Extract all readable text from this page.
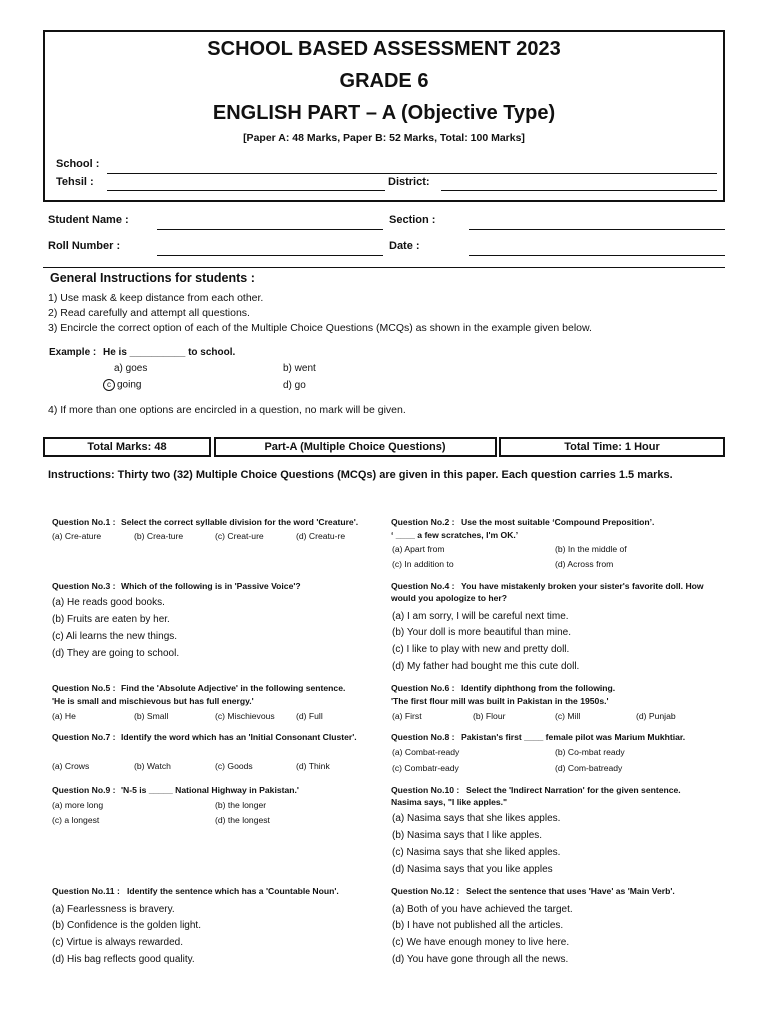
SCHOOL BASED ASSESSMENT 2023
GRADE 6
ENGLISH PART – A (Objective Type)
[Paper A: 48 Marks, Paper B: 52 Marks, Total: 100 Marks]
School :
Tehsil :	District:
Student Name :	Section :
Roll Number :	Date :
General Instructions for students :
1) Use mask & keep distance from each other.
2) Read carefully and attempt all questions.
3) Encircle the correct option of each of the Multiple Choice Questions (MCQs) as shown in the example given below.
Example : He is __________ to school.
a) goes	b) went
c going	d) go
4) If more than one options are encircled in a question, no mark will be given.
Total Marks: 48	Part-A (Multiple Choice Questions)	Total Time: 1 Hour
Instructions: Thirty two (32) Multiple Choice Questions (MCQs) are given in this paper. Each question carries 1.5 marks.
Question No.1 : Select the correct syllable division for the word 'Creature'.
(a) Cre-ature	(b) Crea-ture	(c) Creat-ure	(d) Creatu-re
Question No.2 : Use the most suitable ‘Compound Preposition’.
‘ ____ a few scratches, I'm OK.’
(a) Apart from	(b) In the middle of
(c) In addition to	(d) Across from
Question No.3 : Which of the following is in 'Passive Voice'?
(a) He reads good books.
(b) Fruits are eaten by her.
(c) Ali learns the new things.
(d) They are going to school.
Question No.4 : You have mistakenly broken your sister's favorite doll. How
would you apologize to her?
(a) I am sorry, I will be careful next time.
(b) Your doll is more beautiful than mine.
(c) I like to play with new and pretty doll.
(d) My father had bought me this cute doll.
Question No.5 : Find the 'Absolute Adjective' in the following sentence.
'He is small and mischievous but has full energy.'
(a) He	(b) Small	(c) Mischievous (d) Full
Question No.6 : Identify diphthong from the following.
'The first flour mill was built in Pakistan in the 1950s.'
(a) First	(b) Flour	(c) Mill	(d) Punjab
Question No.7 : Identify the word which has an 'Initial Consonant Cluster'.
(a) Crows	(b) Watch	(c) Goods	(d) Think
Question No.8 : Pakistan's first ____ female pilot was Marium Mukhtiar.
(a) Combat-ready	(b) Co-mbat ready
(c) Combatr-eady	(d) Com-batready
Question No.9 : 'N-5 is _____ National Highway in Pakistan.'
(a) more long	(b) the longer
(c) a longest	(d) the longest
Question No.10 : Select the 'Indirect Narration' for the given sentence.
Nasima says, "I like apples."
(a) Nasima says that she likes apples.
(b) Nasima says that I like apples.
(c) Nasima says that she liked apples.
(d) Nasima says that you like apples
Question No.11 : Identify the sentence which has a 'Countable Noun'.
(a) Fearlessness is bravery.
(b) Confidence is the golden light.
(c) Virtue is always rewarded.
(d) His bag reflects good quality.
Question No.12 : Select the sentence that uses 'Have' as 'Main Verb'.
(a) Both of you have achieved the target.
(b) I have not published all the articles.
(c) We have enough money to live here.
(d) You have gone through all the news.
